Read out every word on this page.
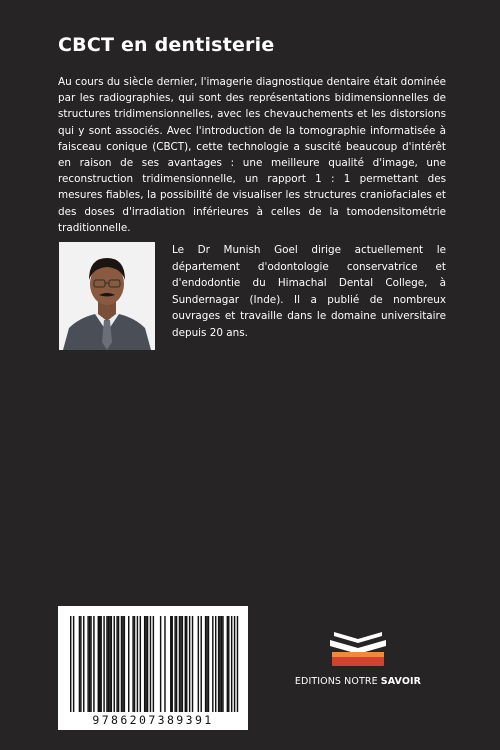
CBCT en dentisterie
Au cours du siècle dernier, l'imagerie diagnostique dentaire était dominée par les radiographies, qui sont des représentations bidimensionnelles de structures tridimensionnelles, avec les chevauchements et les distorsions qui y sont associés. Avec l'introduction de la tomographie informatisée à faisceau conique (CBCT), cette technologie a suscité beaucoup d'intérêt en raison de ses avantages : une meilleure qualité d'image, une reconstruction tridimensionnelle, un rapport 1 : 1 permettant des mesures fiables, la possibilité de visualiser les structures craniofaciales et des doses d'irradiation inférieures à celles de la tomodensitométrie traditionnelle.
Le Dr Munish Goel dirige actuellement le département d'odontologie conservatrice et d'endodontie du Himachal Dental College, à Sundernagar (Inde). Il a publié de nombreux ouvrages et travaille dans le domaine universitaire depuis 20 ans.
9786207389391
EDITIONS NOTRE SAVOIR
